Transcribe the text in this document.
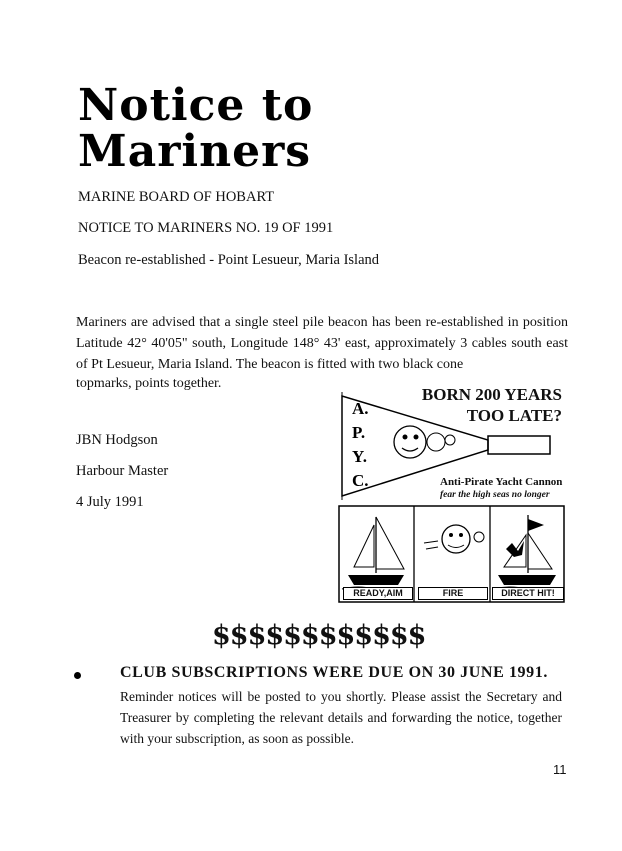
Notice to
Mariners
MARINE BOARD OF HOBART
NOTICE TO MARINERS NO. 19 OF 1991
Beacon re-established - Point Lesueur, Maria Island
Mariners are advised that a single steel pile beacon has been re-established in position Latitude 42° 40'05" south, Longitude 148° 43' east, approximately 3 cables south east of Pt Lesueur, Maria Island. The beacon is fitted with two black cone
topmarks, points together.
JBN Hodgson
Harbour Master
4 July 1991
BORN 200 YEARS
TOO LATE?
A.
P.
Y.
C.	Anti-Pirate Yacht Cannon
fear the high seas no longer
READY,AIM	FIRE	DIRECT HIT!
$$$$$$$$$$$$
CLUB SUBSCRIPTIONS WERE DUE ON 30 JUNE 1991.
Reminder notices will be posted to you shortly. Please assist the Secretary and Treasurer by completing the relevant details and forwarding the notice, together with your subscription, as soon as possible.
11
